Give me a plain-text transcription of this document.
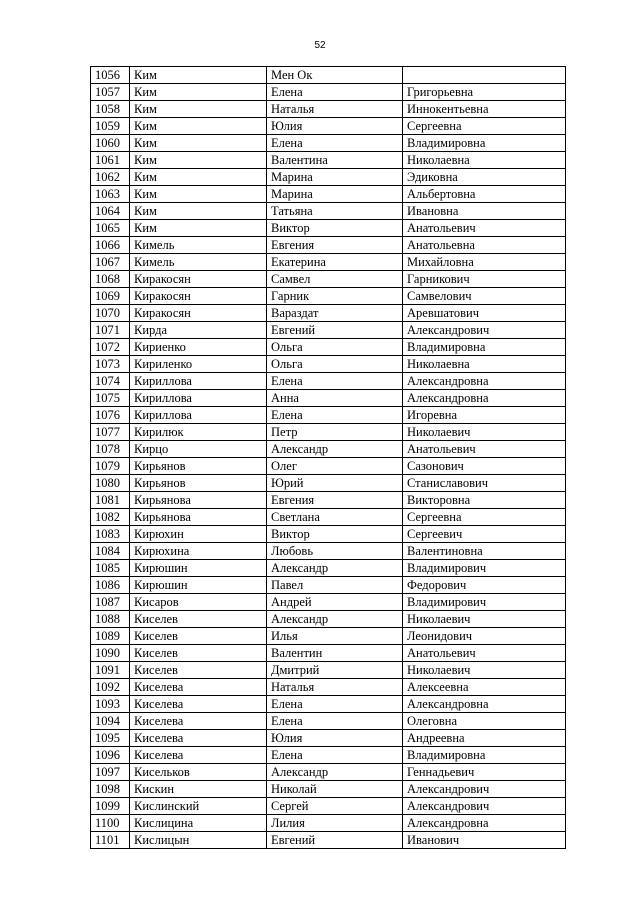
52
1056	Ким	Мен Ок	
1057	Ким	Елена	Григорьевна
1058	Ким	Наталья	Иннокентьевна
1059	Ким	Юлия	Сергеевна
1060	Ким	Елена	Владимировна
1061	Ким	Валентина	Николаевна
1062	Ким	Марина	Эдиковна
1063	Ким	Марина	Альбертовна
1064	Ким	Татьяна	Ивановна
1065	Ким	Виктор	Анатольевич
1066	Кимель	Евгения	Анатольевна
1067	Кимель	Екатерина	Михайловна
1068	Киракосян	Самвел	Гарникович
1069	Киракосян	Гарник	Самвелович
1070	Киракосян	Вараздат	Аревшатович
1071	Кирда	Евгений	Александрович
1072	Кириенко	Ольга	Владимировна
1073	Кириленко	Ольга	Николаевна
1074	Кириллова	Елена	Александровна
1075	Кириллова	Анна	Александровна
1076	Кириллова	Елена	Игоревна
1077	Кирилюк	Петр	Николаевич
1078	Кирцо	Александр	Анатольевич
1079	Кирьянов	Олег	Сазонович
1080	Кирьянов	Юрий	Станиславович
1081	Кирьянова	Евгения	Викторовна
1082	Кирьянова	Светлана	Сергеевна
1083	Кирюхин	Виктор	Сергеевич
1084	Кирюхина	Любовь	Валентиновна
1085	Кирюшин	Александр	Владимирович
1086	Кирюшин	Павел	Федорович
1087	Кисаров	Андрей	Владимирович
1088	Киселев	Александр	Николаевич
1089	Киселев	Илья	Леонидович
1090	Киселев	Валентин	Анатольевич
1091	Киселев	Дмитрий	Николаевич
1092	Киселева	Наталья	Алексеевна
1093	Киселева	Елена	Александровна
1094	Киселева	Елена	Олеговна
1095	Киселева	Юлия	Андреевна
1096	Киселева	Елена	Владимировна
1097	Кисельков	Александр	Геннадьевич
1098	Кискин	Николай	Александрович
1099	Кислинский	Сергей	Александрович
1100	Кислицина	Лилия	Александровна
1101	Кислицын	Евгений	Иванович
